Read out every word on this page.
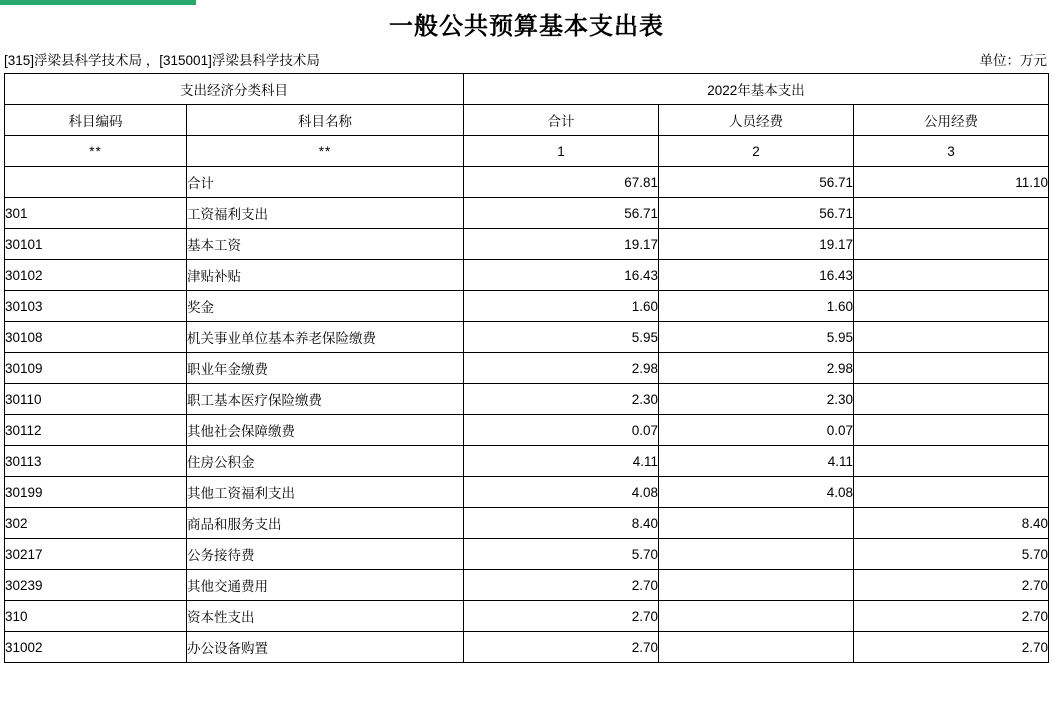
一般公共预算基本支出表
[315]浮梁县科学技术局 ，[315001]浮梁县科学技术局	单位：万元
支出经济分类科目		2022年基本支出		
科目编码	科目名称	合计	人员经费	公用经费
**	**	1	2	3
	合计	67.81	56.71	11.10
301	工资福利支出	56.71	56.71	
30101	基本工资	19.17	19.17	
30102	津贴补贴	16.43	16.43	
30103	奖金	1.60	1.60	
30108	机关事业单位基本养老保险缴费	5.95	5.95	
30109	职业年金缴费	2.98	2.98	
30110	职工基本医疗保险缴费	2.30	2.30	
30112	其他社会保障缴费	0.07	0.07	
30113	住房公积金	4.11	4.11	
30199	其他工资福利支出	4.08	4.08	
302	商品和服务支出	8.40		8.40
30217	公务接待费	5.70		5.70
30239	其他交通费用	2.70		2.70
310	资本性支出	2.70		2.70
31002	办公设备购置	2.70		2.70
